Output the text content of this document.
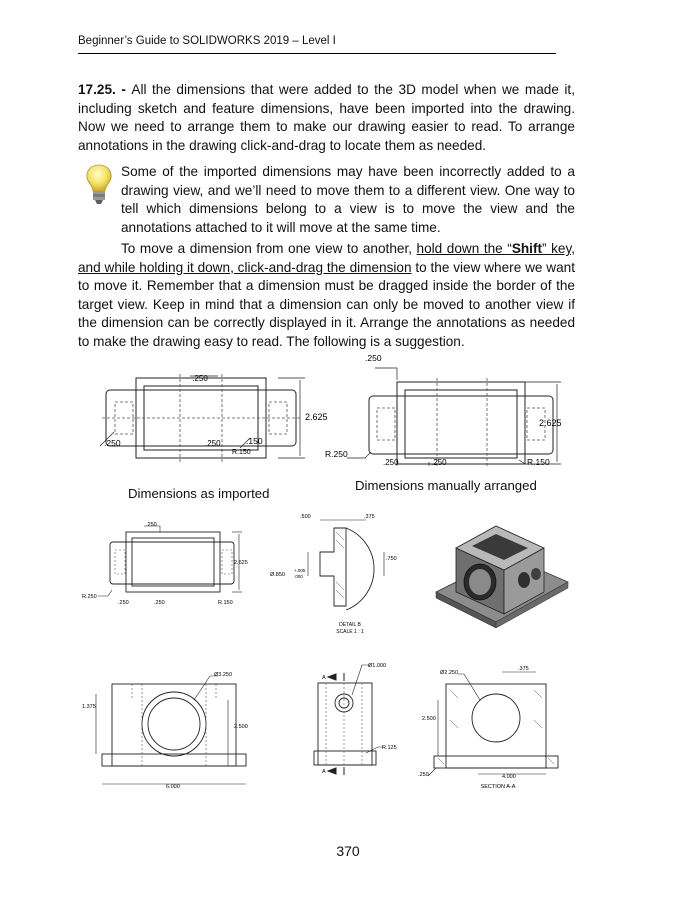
Beginner’s Guide to SOLIDWORKS 2019 – Level I
17.25. - All the dimensions that were added to the 3D model when we made it, including sketch and feature dimensions, have been imported into the drawing. Now we need to arrange them to make our drawing easier to read. To arrange annotations in the drawing click-and-drag to locate them as needed.
Some of the imported dimensions may have been incorrectly added to a drawing view, and we’ll need to move them to a different view. One way to tell which dimensions belong to a view is to move the view and the annotations attached to it will move at the same time.
To move a dimension from one view to another, hold down the “Shift” key, and while holding it down, click-and-drag the dimension to the view where we want to move it. Remember that a dimension must be dragged inside the border of the target view. Keep in mind that a dimension can only be moved to another view if the dimension can be correctly displayed in it. Arrange the annotations as needed to make the drawing easy to read. The following is a suggestion.
.250
2.625
.250	.250	.150
R.150
Dimensions as imported
.250
2.625
R.250
.250	.250	R.150
Dimensions manually arranged
.250
2.625
R.250
.250	.250	R.150
.500	.375
.750
Ø.850
+.005
.000
DETAIL B
SCALE 1 : 1
Ø3.250
1.375
2.500
6.000
A
A
Ø1.000
R.125
Ø2.250
.375
2.500
.250	4.000
SECTION A-A
370
